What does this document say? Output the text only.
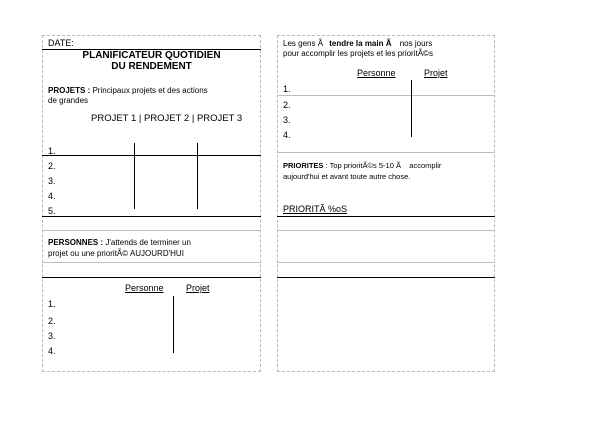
DATE:
PLANIFICATEUR QUOTIDIEN
DU RENDEMENT
PROJETS : Principaux projets et des actions
de grandes
PROJET 1 | PROJET 2 | PROJET 3
1.
2.
3.
4.
5.
PERSONNES : J'attends de terminer un
projet ou une prioritÃ© AUJOURD'HUI
Personne Projet
1.
2.
3.
4.
Les gens Ã tendre la main Ã nos jours
pour accomplir les projets et les prioritÃ©s
Personne	Projet
1.
2.
3.
4.
PRIORITES : Top prioritÃ©s 5-10 Ã    accomplir
aujourd'hui et avant toute autre chose.
PRIORITÃ %oS
